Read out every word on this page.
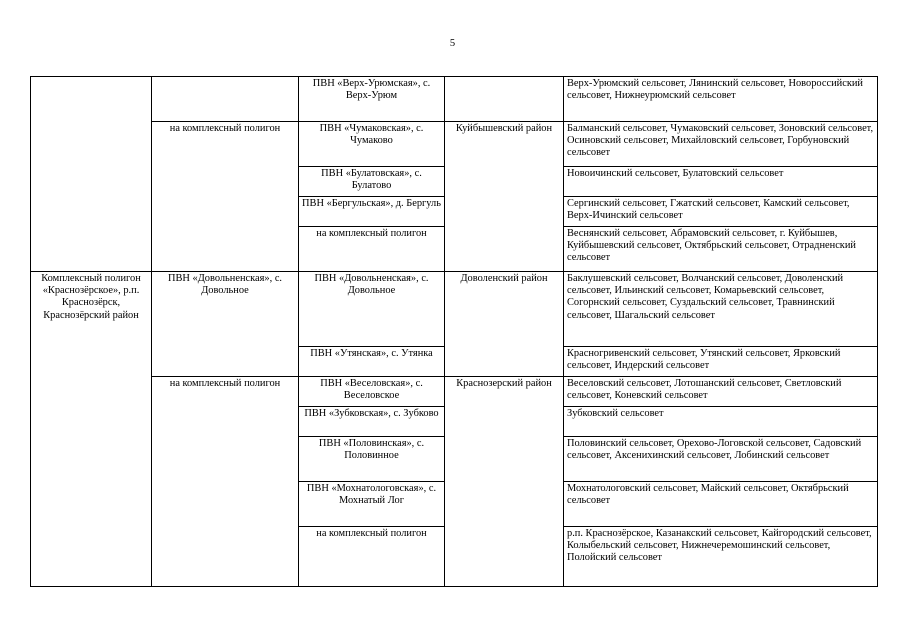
5
		ПВН «Верх-Урюмская», с. Верх-Урюм		Верх-Урюмский сельсовет, Лянинский сельсовет, Новороссийский сельсовет, Нижнеурюмский сельсовет
	на комплексный полигон	ПВН «Чумаковская», с. Чумаково	Куйбышевский район	Балманский сельсовет, Чумаковский сельсовет, Зоновский сельсовет, Осиновский сельсовет, Михайловский сельсовет, Горбуновский сельсовет
		ПВН «Булатовская», с. Булатово		Новоичинский сельсовет, Булатовский сельсовет
		ПВН «Бергульская», д. Бергуль		Сергинский сельсовет, Гжатский сельсовет, Камский сельсовет, Верх-Ичинский сельсовет
		на комплексный полигон		Веснянский сельсовет, Абрамовский сельсовет, г. Куйбышев, Куйбышевский сельсовет, Октябрьский сельсовет, Отрадненский сельсовет
Комплексный полигон «Краснозёрское», р.п. Краснозёрск, Краснозёрский район	ПВН «Довольненская», с. Довольное	ПВН «Довольненская», с. Довольное	Доволенский район	Баклушевский сельсовет, Волчанский сельсовет, Доволенский сельсовет, Ильинский сельсовет, Комарьевский сельсовет, Согорнский сельсовет, Суздальский сельсовет, Травнинский сельсовет, Шагальский сельсовет
		ПВН «Утянская», с. Утянка		Красногривенский сельсовет, Утянский сельсовет, Ярковский сельсовет, Индерский сельсовет
	на комплексный полигон	ПВН «Веселовская», с. Веселовское	Краснозерский район	Веселовский сельсовет, Лотошанский сельсовет, Светловский сельсовет, Коневский сельсовет
		ПВН «Зубковская», с. Зубково		Зубковский сельсовет
		ПВН «Половинская», с. Половинное		Половинский сельсовет, Орехово-Логовской сельсовет, Садовский сельсовет, Аксенихинский сельсовет, Лобинский сельсовет
		ПВН «Мохнатологовская», с. Мохнатый Лог		Мохнатологовский сельсовет, Майский сельсовет, Октябрьский сельсовет
		на комплексный полигон		р.п. Краснозёрское, Казанакский сельсовет, Кайгородский сельсовет, Колыбельский сельсовет, Нижнечеремошинский сельсовет, Полойский сельсовет
